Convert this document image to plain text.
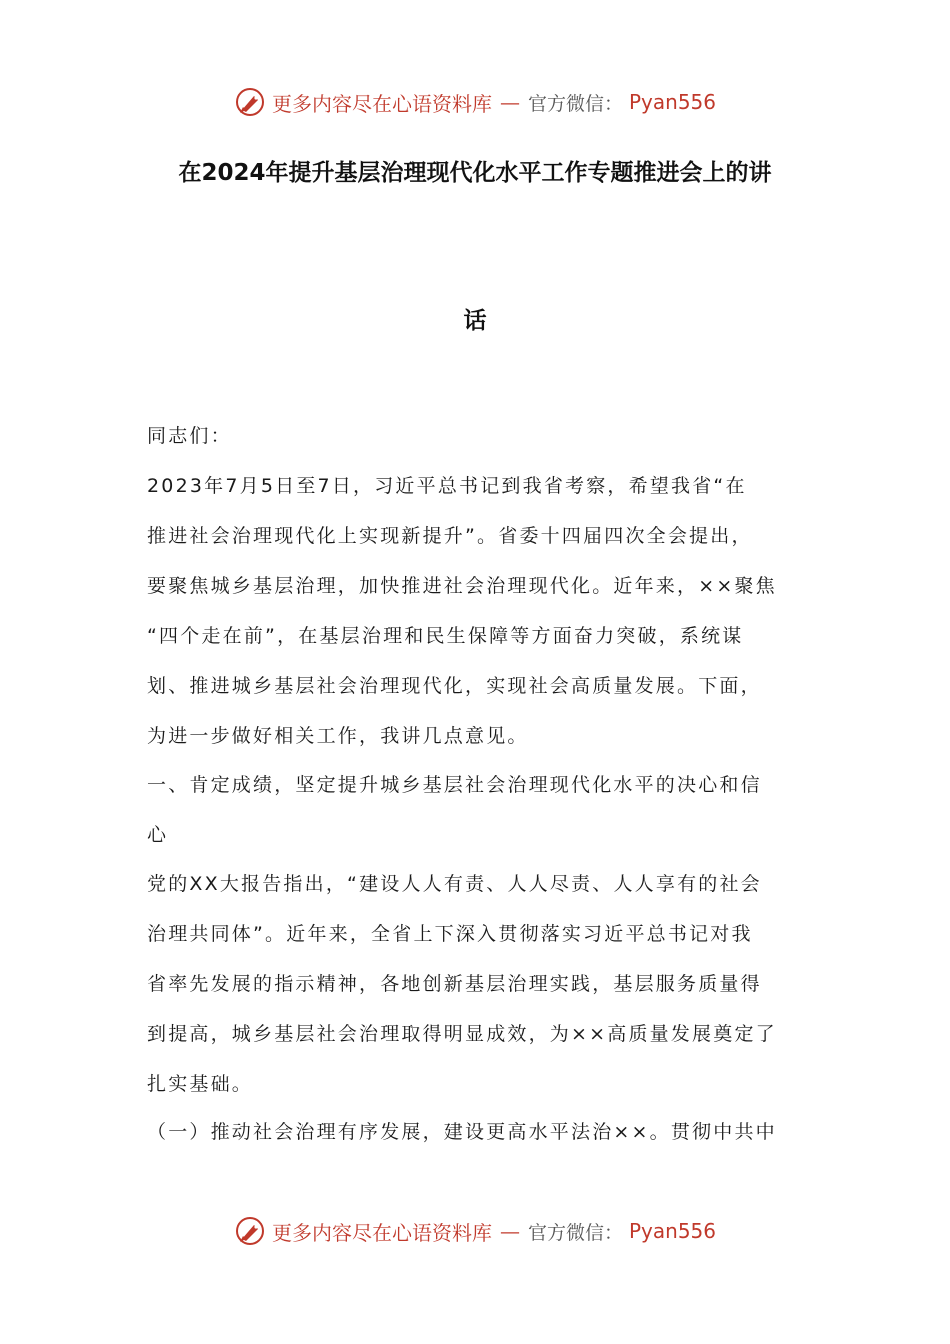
更多内容尽在心语资料库 — 官方微信： Pyan556
在2024年提升基层治理现代化水平工作专题推进会上的讲
话
同志们：
2023年7月5日至7日，习近平总书记到我省考察，希望我省“在
推进社会治理现代化上实现新提升”。省委十四届四次全会提出，
要聚焦城乡基层治理，加快推进社会治理现代化。近年来，××聚焦
“四个走在前”，在基层治理和民生保障等方面奋力突破，系统谋
划、推进城乡基层社会治理现代化，实现社会高质量发展。下面，
为进一步做好相关工作，我讲几点意见。
一、肯定成绩，坚定提升城乡基层社会治理现代化水平的决心和信
心
党的XX大报告指出，“建设人人有责、人人尽责、人人享有的社会
治理共同体”。近年来，全省上下深入贯彻落实习近平总书记对我
省率先发展的指示精神，各地创新基层治理实践，基层服务质量得
到提高，城乡基层社会治理取得明显成效，为××高质量发展奠定了
扎实基础。
（一）推动社会治理有序发展，建设更高水平法治××。贯彻中共中
更多内容尽在心语资料库 — 官方微信： Pyan556
